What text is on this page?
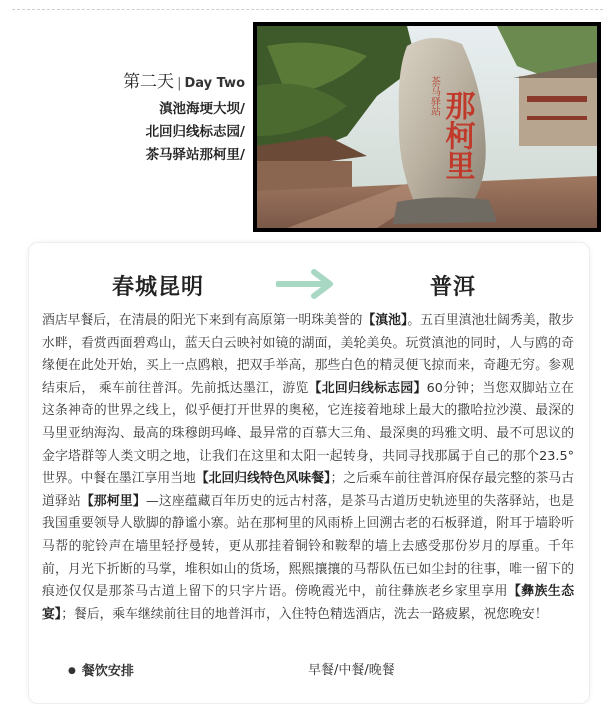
第二天 | Day Two
滇池海埂大坝/
北回归线标志园/
茶马驿站那柯里/
茶马驿站 那柯里
春城昆明	普洱
酒店早餐后，在清晨的阳光下来到有高原第一明珠美誉的【滇池】。五百里滇池壮阔秀美，散步水畔，看赏西面碧鸡山，蓝天白云映衬如镜的湖面，美轮美奂。玩赏滇池的同时，人与鸥的奇缘便在此处开始，买上一点鸥粮，把双手举高，那些白色的精灵便飞掠而来，奇趣无穷。参观结束后， 乘车前往普洱。先前抵达墨江，游览【北回归线标志园】60分钟；当您双脚站立在这条神奇的世界之线上，似乎便打开世界的奥秘，它连接着地球上最大的撒哈拉沙漠、最深的马里亚纳海沟、最高的珠穆朗玛峰、最异常的百慕大三角、最深奥的玛雅文明、最不可思议的金字塔群等人类文明之地，让我们在这里和太阳一起转身，共同寻找那属于自己的那个23.5°世界。中餐在墨江享用当地【北回归线特色风味餐】；之后乘车前往普洱府保存最完整的茶马古道驿站【那柯里】—这座蕴藏百年历史的远古村落，是茶马古道历史轨迹里的失落驿站，也是我国重要领导人歇脚的静谧小寨。站在那柯里的风雨桥上回溯古老的石板驿道，附耳于墙聆听马帮的驼铃声在墙里轻抒曼转，更从那挂着铜铃和鞍犁的墙上去感受那份岁月的厚重。千年前，月光下折断的马掌，堆积如山的货场，熙熙攘攘的马帮队伍已如尘封的往事，唯一留下的痕迹仅仅是那茶马古道上留下的只字片语。傍晚霞光中，前往彝族老乡家里享用【彝族生态宴】；餐后，乘车继续前往目的地普洱市，入住特色精选酒店，洗去一路疲累，祝您晚安！
● 餐饮安排	早餐/中餐/晚餐
